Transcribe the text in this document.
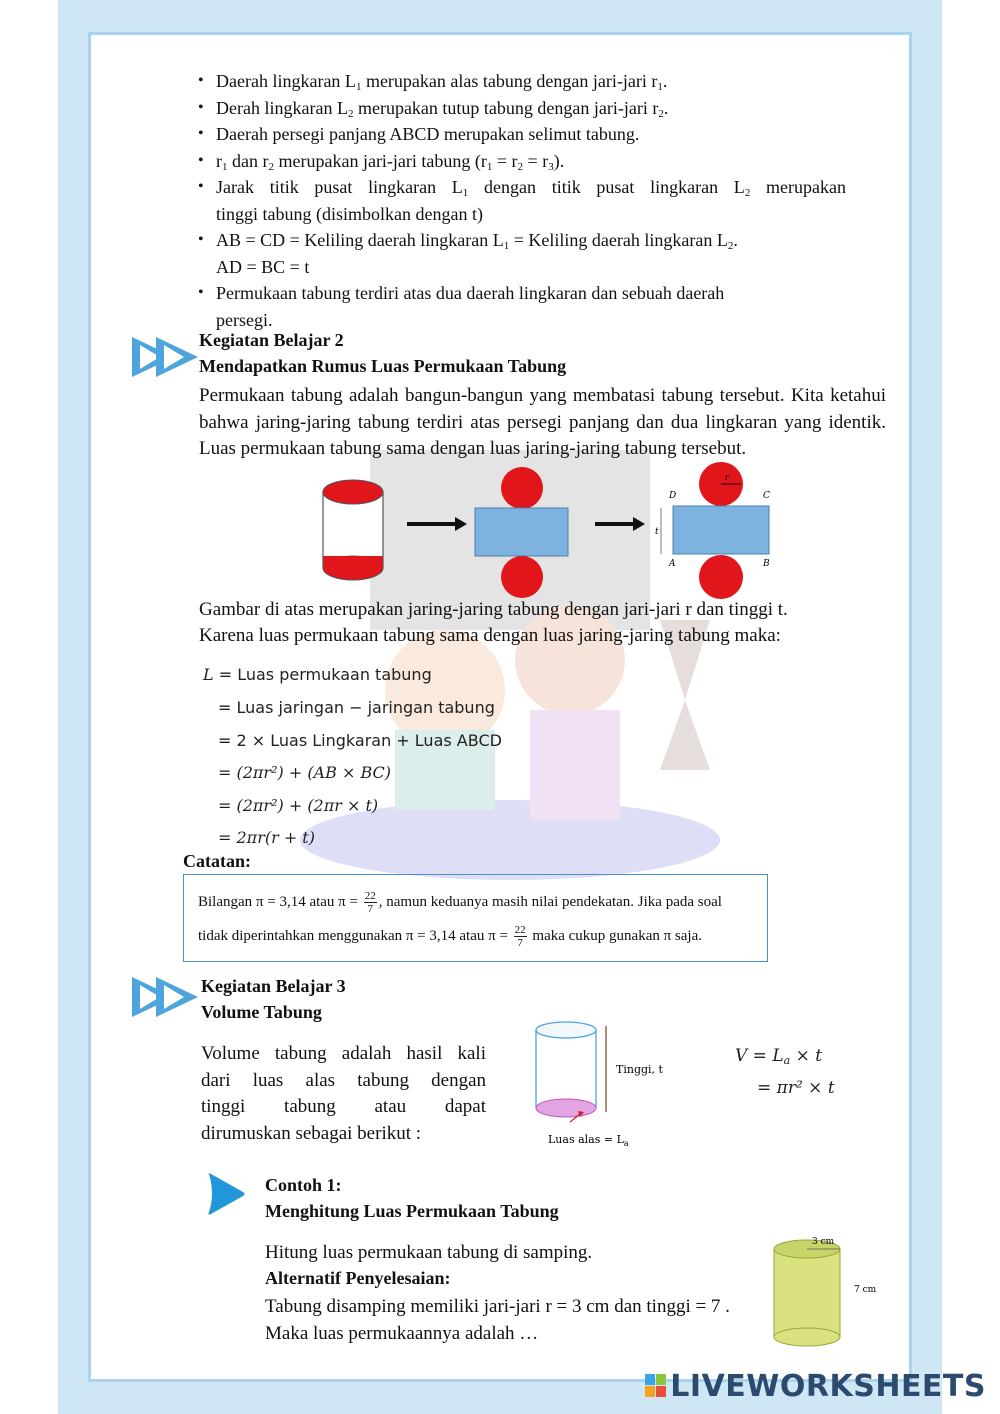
• Daerah lingkaran $L_1$ merupakan alas tabung dengan jari-jari $r_1$.
• Derah lingkaran $L_2$ merupakan tutup tabung dengan jari-jari $r_2$.
• Daerah persegi panjang ABCD merupakan selimut tabung.
• $r_1$ dan $r_2$ merupakan jari-jari tabung $(r_1 = r_2 = r_3)$.
• Jarak titik pusat lingkaran $L_1$ dengan titik pusat lingkaran $L_2$ merupakan
tinggi tabung (disimbolkan dengan t)
• AB = CD = Keliling daerah lingkaran $L_1$ = Keliling daerah lingkaran $L_2$.
AD = BC = t
• Permukaan tabung terdiri atas dua daerah lingkaran dan sebuah daerah
persegi.
Kegiatan Belajar 2
Mendapatkan Rumus Luas Permukaan Tabung
Permukaan tabung adalah bangun-bangun yang membatasi tabung tersebut. Kita ketahui bahwa jaring-jaring tabung terdiri atas persegi panjang dan dua lingkaran yang identik. Luas permukaan tabung sama dengan luas jaring-jaring tabung tersebut.
D	C
A	B
t
r
Gambar di atas merupakan jaring-jaring tabung dengan jari-jari r dan tinggi t.
Karena luas permukaan tabung sama dengan luas jaring-jaring tabung maka:
L = Luas permukaan tabung
= Luas jaringan − jaringan tabung
= 2 × Luas Lingkaran + Luas ABCD
= (2πr²) + (AB × BC)
= (2πr²) + (2πr × t)
= 2πr(r + t)
Catatan:
Bilangan π = 3,14 atau $\pi = \frac{22}{7}$ , namun keduanya masih nilai pendekatan. Jika pada soal
tidak diperintahkan menggunakan π = 3,14 atau $\pi = \frac{22}{7}$ maka cukup gunakan π saja.
Kegiatan Belajar 3
Volume Tabung
Volume tabung adalah hasil kali
dari luas alas tabung dengan
tinggi tabung atau dapat
dirumuskan sebagai berikut :
Tinggi, t
Luas alas = $L_a$
$V = L_a \times t$
= πr² × t
Contoh 1:
Menghitung Luas Permukaan Tabung
Hitung luas permukaan tabung di samping.
Alternatif Penyelesaian:
Tabung disamping memiliki jari-jari r = 3 cm dan tinggi = 7 .
Maka luas permukaannya adalah …
3 cm
7 cm
LIVEWORKSHEETS
